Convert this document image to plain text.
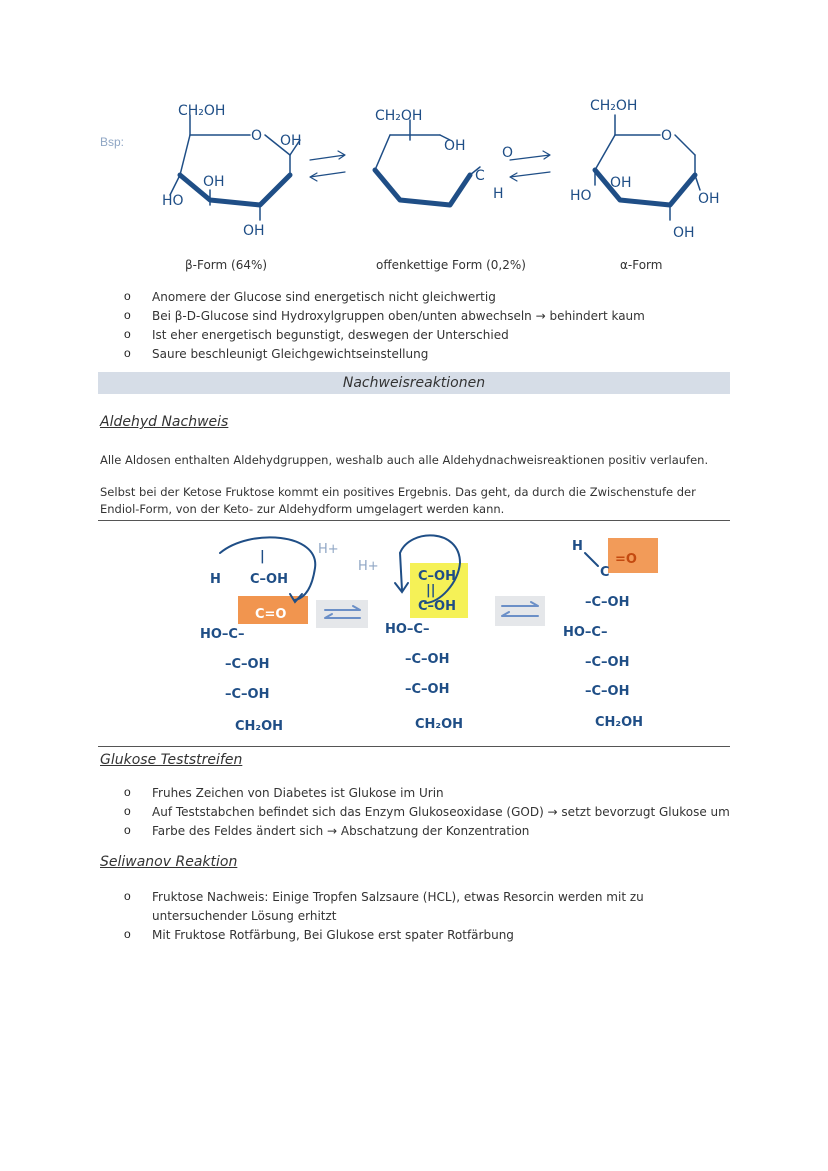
Bsp:
CH₂OH
O OH
OH
HO
OH
CH₂OH
OH
C
O
H
CH₂OH
O
OH
HO	OH
OH
β-Form (64%)	offenkettige Form (0,2%)	α-Form
o Anomere der Glucose sind energetisch nicht gleichwertig
o Bei β-D-Glucose sind Hydroxylgruppen oben/unten abwechseln → behindert kaum
o Ist eher energetisch begunstigt, deswegen der Unterschied
o Saure beschleunigt Gleichgewichtseinstellung
Nachweisreaktionen
Aldehyd Nachweis
Alle Aldosen enthalten Aldehydgruppen, weshalb auch alle Aldehydnachweisreaktionen positiv verlaufen.
Selbst bei der Ketose Fruktose kommt ein positives Ergebnis. Das geht, da durch die Zwischenstufe der Endiol-Form, von der Keto- zur Aldehydform umgelagert werden kann.
|
H C–OH
C=O
HO–C–
–C–OH
–C–OH
CH₂OH
H+
H+
C–OH
||
C–OH
HO–C–
–C–OH
–C–OH
CH₂OH
H
C
=O
–C–OH
HO–C–
–C–OH
–C–OH
CH₂OH
Glukose Teststreifen
o Fruhes Zeichen von Diabetes ist Glukose im Urin
o Auf Teststabchen befindet sich das Enzym Glukoseoxidase (GOD) → setzt bevorzugt Glukose um
o Farbe des Feldes ändert sich → Abschatzung der Konzentration
Seliwanov Reaktion
o Fruktose Nachweis: Einige Tropfen Salzsaure (HCL), etwas Resorcin werden mit zu untersuchender Lösung erhitzt
o Mit Fruktose Rotfärbung, Bei Glukose erst spater Rotfärbung
